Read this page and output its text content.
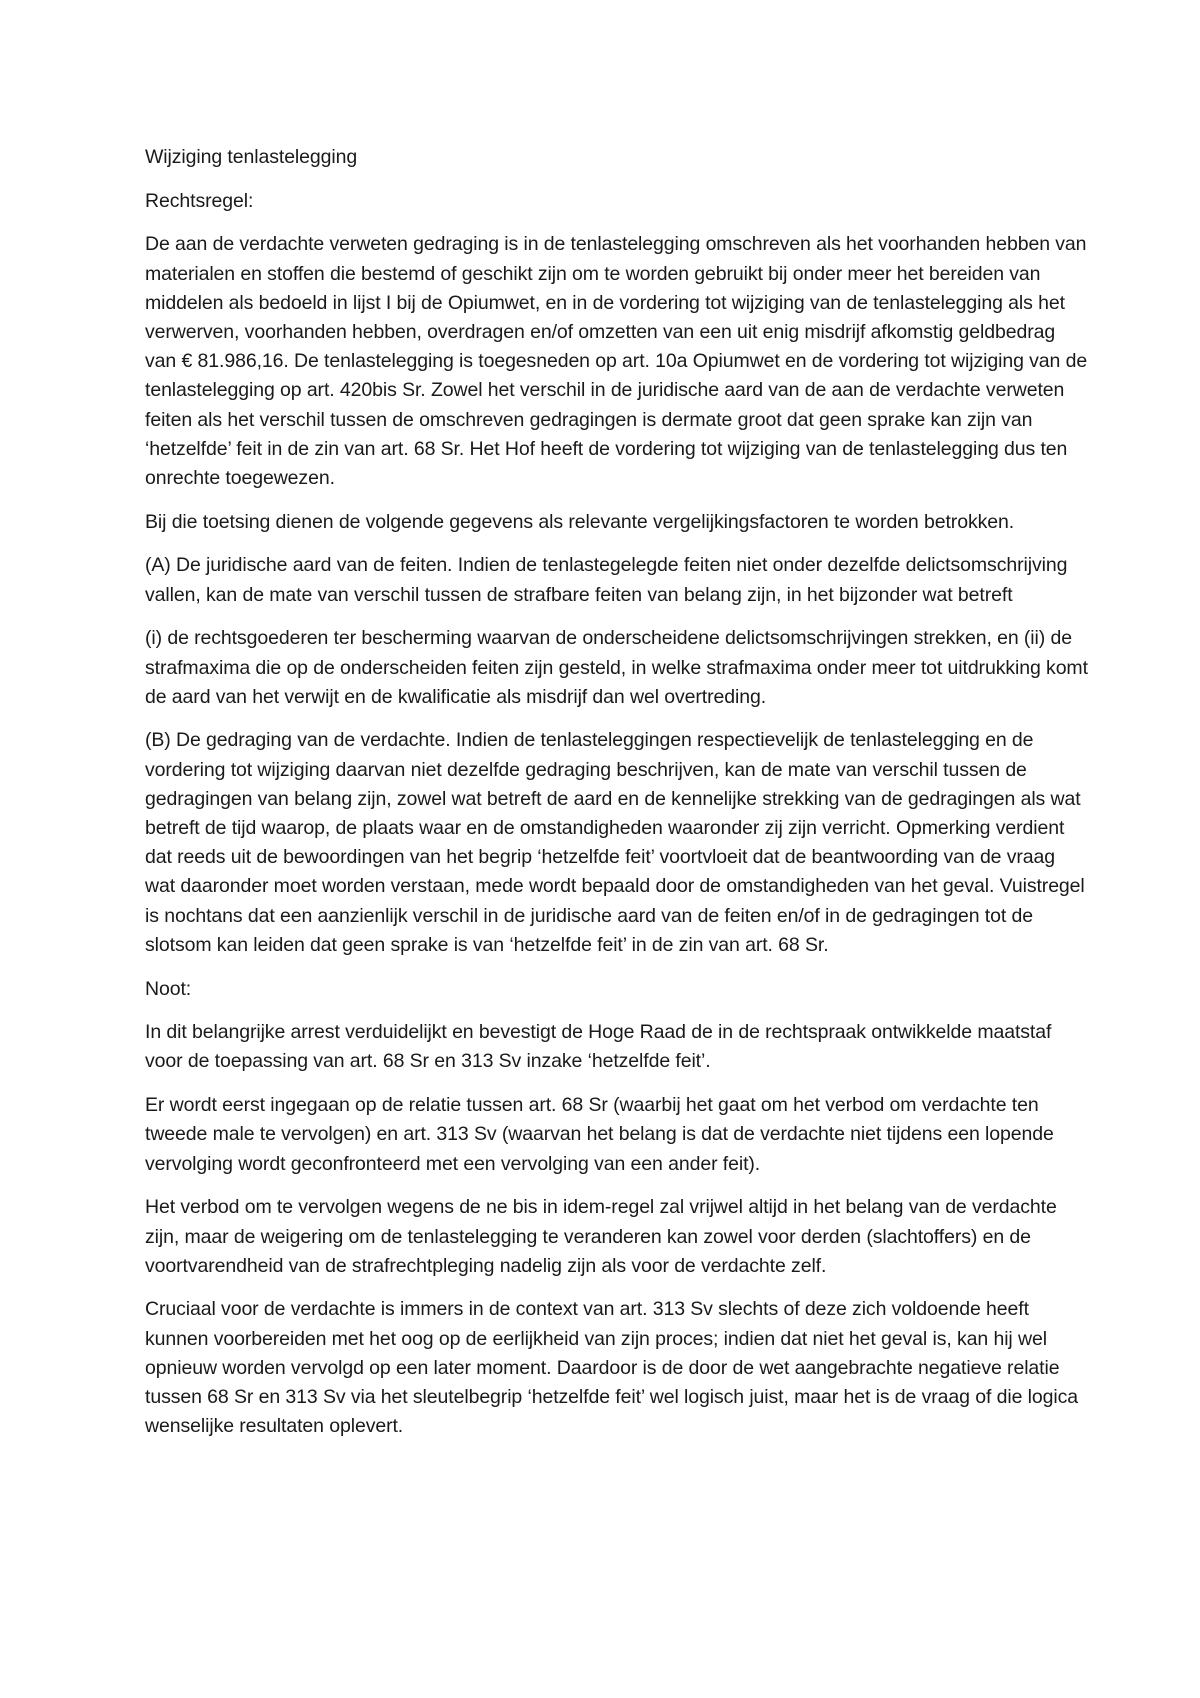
Wijziging tenlastelegging

Rechtsregel:

De aan de verdachte verweten gedraging is in de tenlastelegging omschreven als het voorhanden hebben van materialen en stoffen die bestemd of geschikt zijn om te worden gebruikt bij onder meer het bereiden van middelen als bedoeld in lijst I bij de Opiumwet, en in de vordering tot wijziging van de tenlastelegging als het verwerven, voorhanden hebben, overdragen en/of omzetten van een uit enig misdrijf afkomstig geldbedrag van € 81.986,16. De tenlastelegging is toegesneden op art. 10a Opiumwet en de vordering tot wijziging van de tenlastelegging op art. 420bis Sr. Zowel het verschil in de juridische aard van de aan de verdachte verweten feiten als het verschil tussen de omschreven gedragingen is dermate groot dat geen sprake kan zijn van ‘hetzelfde’ feit in de zin van art. 68 Sr. Het Hof heeft de vordering tot wijziging van de tenlastelegging dus ten onrechte toegewezen.

Bij die toetsing dienen de volgende gegevens als relevante vergelijkingsfactoren te worden betrokken.

(A) De juridische aard van de feiten. Indien de tenlastegelegde feiten niet onder dezelfde delictsomschrijving vallen, kan de mate van verschil tussen de strafbare feiten van belang zijn, in het bijzonder wat betreft

(i) de rechtsgoederen ter bescherming waarvan de onderscheidene delictsomschrijvingen strekken, en (ii) de strafmaxima die op de onderscheiden feiten zijn gesteld, in welke strafmaxima onder meer tot uitdrukking komt de aard van het verwijt en de kwalificatie als misdrijf dan wel overtreding.

(B) De gedraging van de verdachte. Indien de tenlasteleggingen respectievelijk de tenlastelegging en de vordering tot wijziging daarvan niet dezelfde gedraging beschrijven, kan de mate van verschil tussen de gedragingen van belang zijn, zowel wat betreft de aard en de kennelijke strekking van de gedragingen als wat betreft de tijd waarop, de plaats waar en de omstandigheden waaronder zij zijn verricht. Opmerking verdient dat reeds uit de bewoordingen van het begrip ‘hetzelfde feit’ voortvloeit dat de beantwoording van de vraag wat daaronder moet worden verstaan, mede wordt bepaald door de omstandigheden van het geval. Vuistregel is nochtans dat een aanzienlijk verschil in de juridische aard van de feiten en/of in de gedragingen tot de slotsom kan leiden dat geen sprake is van ‘hetzelfde feit’ in de zin van art. 68 Sr.

Noot:

In dit belangrijke arrest verduidelijkt en bevestigt de Hoge Raad de in de rechtspraak ontwikkelde maatstaf voor de toepassing van art. 68 Sr en 313 Sv inzake ‘hetzelfde feit’.

Er wordt eerst ingegaan op de relatie tussen art. 68 Sr (waarbij het gaat om het verbod om verdachte ten tweede male te vervolgen) en art. 313 Sv (waarvan het belang is dat de verdachte niet tijdens een lopende vervolging wordt geconfronteerd met een vervolging van een ander feit).

Het verbod om te vervolgen wegens de ne bis in idem-regel zal vrijwel altijd in het belang van de verdachte zijn, maar de weigering om de tenlastelegging te veranderen kan zowel voor derden (slachtoffers) en de voortvarendheid van de strafrechtpleging nadelig zijn als voor de verdachte zelf.

Cruciaal voor de verdachte is immers in de context van art. 313 Sv slechts of deze zich voldoende heeft kunnen voorbereiden met het oog op de eerlijkheid van zijn proces; indien dat niet het geval is, kan hij wel opnieuw worden vervolgd op een later moment. Daardoor is de door de wet aangebrachte negatieve relatie tussen 68 Sr en 313 Sv via het sleutelbegrip ‘hetzelfde feit’ wel logisch juist, maar het is de vraag of die logica wenselijke resultaten oplevert.
